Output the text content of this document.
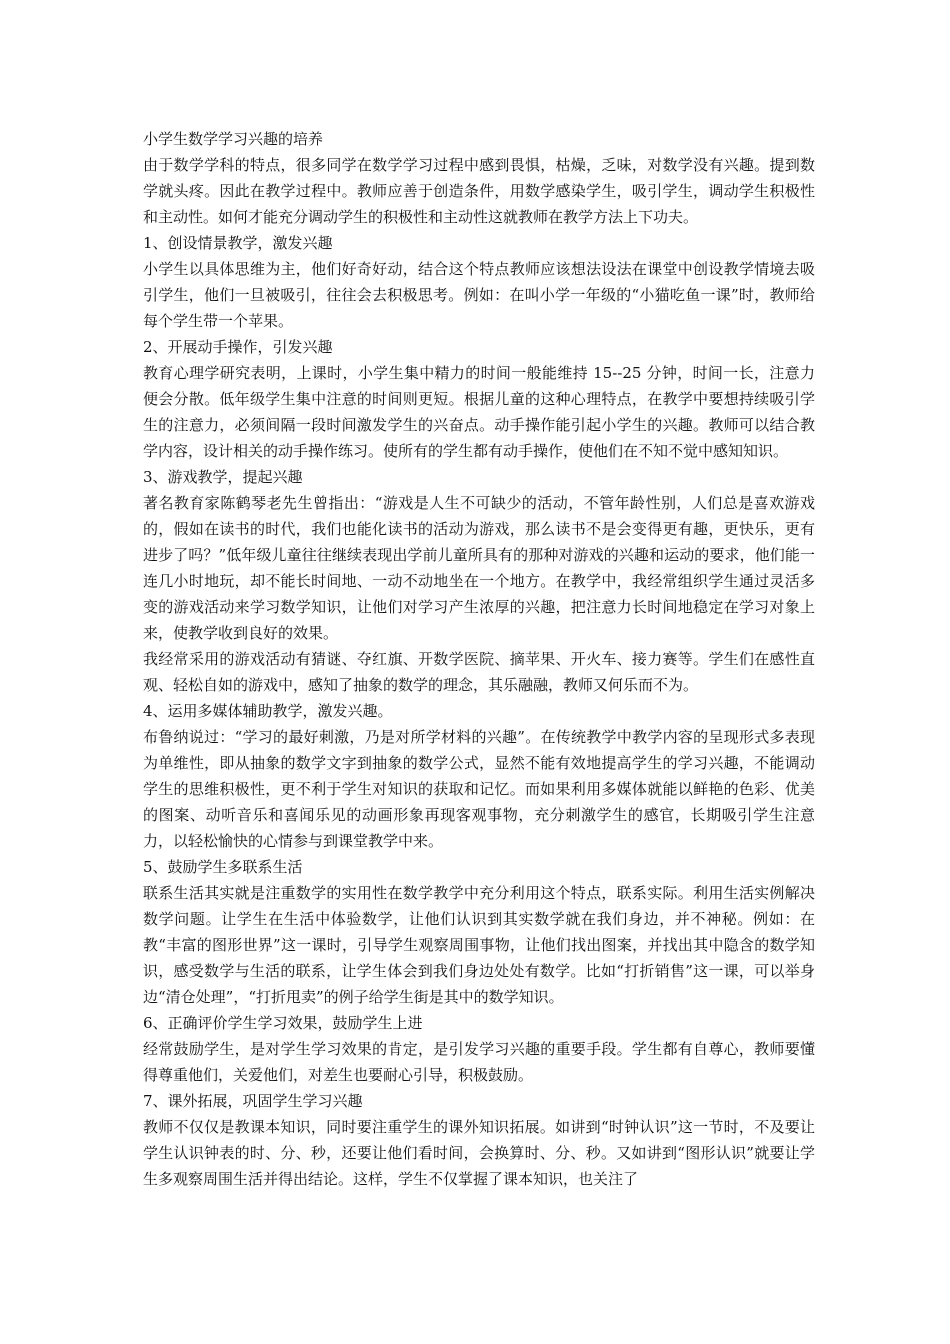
小学生数学学习兴趣的培养

由于数学学科的特点，很多同学在数学学习过程中感到畏惧，枯燥，乏味，对数学没有兴趣。提到数学就头疼。因此在教学过程中。教师应善于创造条件，用数学感染学生，吸引学生，调动学生积极性和主动性。如何才能充分调动学生的积极性和主动性这就教师在教学方法上下功夫。

1、创设情景教学，激发兴趣

小学生以具体思维为主，他们好奇好动，结合这个特点教师应该想法设法在课堂中创设教学情境去吸引学生，他们一旦被吸引，往往会去积极思考。例如：在叫小学一年级的“小猫吃鱼一课”时，教师给每个学生带一个苹果。

2、开展动手操作，引发兴趣

教育心理学研究表明，上课时，小学生集中精力的时间一般能维持 15--25 分钟，时间一长，注意力便会分散。低年级学生集中注意的时间则更短。根据儿童的这种心理特点，在教学中要想持续吸引学生的注意力，必须间隔一段时间激发学生的兴奋点。动手操作能引起小学生的兴趣。教师可以结合教学内容，设计相关的动手操作练习。使所有的学生都有动手操作，使他们在不知不觉中感知知识。

3、游戏教学，提起兴趣

著名教育家陈鹤琴老先生曾指出：“游戏是人生不可缺少的活动，不管年龄性别，人们总是喜欢游戏的，假如在读书的时代，我们也能化读书的活动为游戏，那么读书不是会变得更有趣，更快乐，更有进步了吗？”低年级儿童往往继续表现出学前儿童所具有的那种对游戏的兴趣和运动的要求，他们能一连几小时地玩，却不能长时间地、一动不动地坐在一个地方。在教学中，我经常组织学生通过灵活多变的游戏活动来学习数学知识，让他们对学习产生浓厚的兴趣，把注意力长时间地稳定在学习对象上来，使教学收到良好的效果。

我经常采用的游戏活动有猜谜、夺红旗、开数学医院、摘苹果、开火车、接力赛等。学生们在感性直观、轻松自如的游戏中，感知了抽象的数学的理念，其乐融融，教师又何乐而不为。

4、运用多媒体辅助教学，激发兴趣。

布鲁纳说过：“学习的最好刺激，乃是对所学材料的兴趣”。在传统教学中教学内容的呈现形式多表现为单维性，即从抽象的数学文字到抽象的数学公式，显然不能有效地提高学生的学习兴趣，不能调动学生的思维积极性，更不利于学生对知识的获取和记忆。而如果利用多媒体就能以鲜艳的色彩、优美的图案、动听音乐和喜闻乐见的动画形象再现客观事物，充分刺激学生的感官，长期吸引学生注意力，以轻松愉快的心情参与到课堂教学中来。

5、鼓励学生多联系生活

联系生活其实就是注重数学的实用性在数学教学中充分利用这个特点，联系实际。利用生活实例解决数学问题。让学生在生活中体验数学，让他们认识到其实数学就在我们身边，并不神秘。例如：在教“丰富的图形世界”这一课时，引导学生观察周围事物，让他们找出图案，并找出其中隐含的数学知识，感受数学与生活的联系，让学生体会到我们身边处处有数学。比如“打折销售”这一课，可以举身边“清仓处理”，“打折甩卖”的例子给学生街是其中的数学知识。

6、正确评价学生学习效果，鼓励学生上进

经常鼓励学生，是对学生学习效果的肯定，是引发学习兴趣的重要手段。学生都有自尊心，教师要懂得尊重他们，关爱他们，对差生也要耐心引导，积极鼓励。

7、课外拓展，巩固学生学习兴趣

教师不仅仅是教课本知识，同时要注重学生的课外知识拓展。如讲到“时钟认识”这一节时，不及要让学生认识钟表的时、分、秒，还要让他们看时间，会换算时、分、秒。又如讲到“图形认识”就要让学生多观察周围生活并得出结论。这样，学生不仅掌握了课本知识，也关注了
